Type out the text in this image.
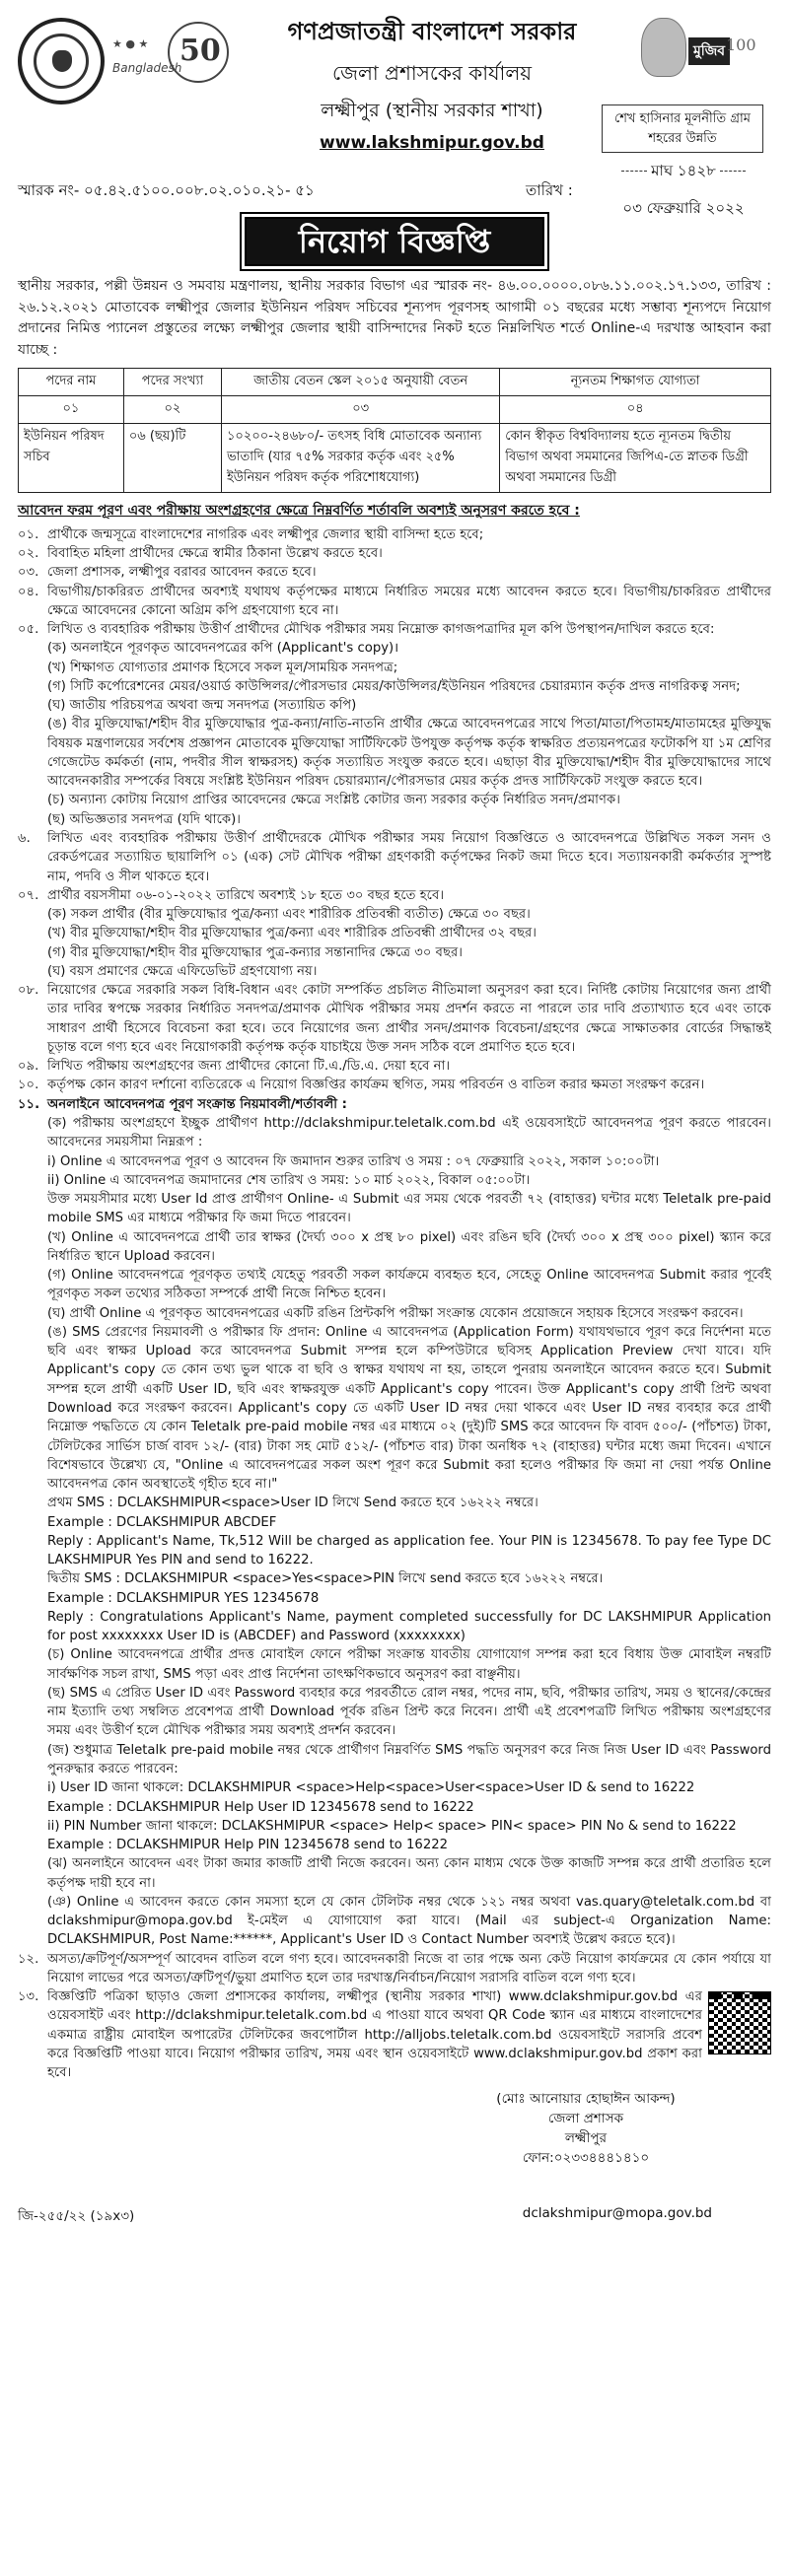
★ ● ★
Bangladesh
50

গণপ্রজাতন্ত্রী বাংলাদেশ সরকার

জেলা প্রশাসকের কার্যালয়

লক্ষ্মীপুর (স্থানীয় সরকার শাখা)

www.lakshmipur.gov.bd

মুজিব 100
শেখ হাসিনার মূলনীতি গ্রাম শহরের উন্নতি
স্মারক নং- ০৫.৪২.৫১০০.০০৮.০২.০১০.২১- ৫১	তারিখ :
মাঘ ১৪২৮
০৩ ফেব্রুয়ারি ২০২২
নিয়োগ বিজ্ঞপ্তি

স্থানীয় সরকার, পল্লী উন্নয়ন ও সমবায় মন্ত্রণালয়, স্থানীয় সরকার বিভাগ এর স্মারক নং- ৪৬.০০.০০০০.০৮৬.১১.০০২.১৭.১৩৩, তারিখ : ২৬.১২.২০২১ মোতাবেক লক্ষ্মীপুর জেলার ইউনিয়ন পরিষদ সচিবের শূন্যপদ পূরণসহ আগামী ০১ বছরের মধ্যে সম্ভাব্য শূন্যপদে নিয়োগ প্রদানের নিমিত্ত প্যানেল প্রস্তুতের লক্ষ্যে লক্ষ্মীপুর জেলার স্থায়ী বাসিন্দাদের নিকট হতে নিম্নলিখিত শর্তে Online-এ দরখাস্ত আহবান করা যাচ্ছে :

পদের নাম	পদের সংখ্যা	জাতীয় বেতন স্কেল ২০১৫ অনুযায়ী বেতন	ন্যূনতম শিক্ষাগত যোগ্যতা
০১	০২	০৩	০৪
ইউনিয়ন পরিষদ সচিব	০৬ (ছয়)টি	১০২০০-২৪৬৮০/- তৎসহ বিধি মোতাবেক অন্যান্য ভাতাদি (যার ৭৫% সরকার কর্তৃক এবং ২৫% ইউনিয়ন পরিষদ কর্তৃক পরিশোধযোগ্য)	কোন স্বীকৃত বিশ্ববিদ্যালয় হতে ন্যূনতম দ্বিতীয় বিভাগ অথবা সমমানের জিপিএ-তে স্নাতক ডিগ্রী অথবা সমমানের ডিগ্রী

আবেদন ফরম পূরণ এবং পরীক্ষায় অংশগ্রহণের ক্ষেত্রে নিম্নবর্ণিত শর্তাবলি অবশ্যই অনুসরণ করতে হবে :

০১. প্রার্থীকে জন্মসূত্রে বাংলাদেশের নাগরিক এবং লক্ষ্মীপুর জেলার স্থায়ী বাসিন্দা হতে হবে;
০২. বিবাহিত মহিলা প্রার্থীদের ক্ষেত্রে স্বামীর ঠিকানা উল্লেখ করতে হবে।
০৩. জেলা প্রশাসক, লক্ষ্মীপুর বরাবর আবেদন করতে হবে।
০৪. বিভাগীয়/চাকরিরত প্রার্থীদের অবশ্যই যথাযথ কর্তৃপক্ষের মাধ্যমে নির্ধারিত সময়ের মধ্যে আবেদন করতে হবে। বিভাগীয়/চাকরিরত প্রার্থীদের ক্ষেত্রে আবেদনের কোনো অগ্রিম কপি গ্রহণযোগ্য হবে না।
০৫. লিখিত ও ব্যবহারিক পরীক্ষায় উত্তীর্ণ প্রার্থীদের মৌখিক পরীক্ষার সময় নিম্নোক্ত কাগজপত্রাদির মূল কপি উপস্থাপন/দাখিল করতে হবে:

(ক) অনলাইনে পূরণকৃত আবেদনপত্রের কপি (Applicant's copy)।

(খ) শিক্ষাগত যোগ্যতার প্রমাণক হিসেবে সকল মূল/সাময়িক সনদপত্র;

(গ) সিটি কর্পোরেশনের মেয়র/ওয়ার্ড কাউন্সিলর/পৌরসভার মেয়র/কাউন্সিলর/ইউনিয়ন পরিষদের চেয়ারম্যান কর্তৃক প্রদত্ত নাগরিকত্ব সনদ;

(ঘ) জাতীয় পরিচয়পত্র অথবা জন্ম সনদপত্র (সত্যায়িত কপি)

(ঙ) বীর মুক্তিযোদ্ধা/শহীদ বীর মুক্তিযোদ্ধার পুত্র-কন্যা/নাতি-নাতনি প্রার্থীর ক্ষেত্রে আবেদনপত্রের সাথে পিতা/মাতা/পিতামহ/মাতামহের মুক্তিযুদ্ধ বিষয়ক মন্ত্রণালয়ের সর্বশেষ প্রজ্ঞাপন মোতাবেক মুক্তিযোদ্ধা সার্টিফিকেট উপযুক্ত কর্তৃপক্ষ কর্তৃক স্বাক্ষরিত প্রত্যয়নপত্রের ফটোকপি যা ১ম শ্রেণির গেজেটেড কর্মকর্তা (নাম, পদবীর সীল স্বাক্ষরসহ) কর্তৃক সত্যায়িত সংযুক্ত করতে হবে। এছাড়া বীর মুক্তিযোদ্ধা/শহীদ বীর মুক্তিযোদ্ধাদের সাথে আবেদনকারীর সম্পর্কের বিষয়ে সংশ্লিষ্ট ইউনিয়ন পরিষদ চেয়ারম্যান/পৌরসভার মেয়র কর্তৃক প্রদত্ত সার্টিফিকেট সংযুক্ত করতে হবে।

(চ) অন্যান্য কোটায় নিয়োগ প্রাপ্তির আবেদনের ক্ষেত্রে সংশ্লিষ্ট কোটার জন্য সরকার কর্তৃক নির্ধারিত সনদ/প্রমাণক।

(ছ) অভিজ্ঞতার সনদপত্র (যদি থাকে)।

৬.	লিখিত এবং ব্যবহারিক পরীক্ষায় উত্তীর্ণ প্রার্থীদেরকে মৌখিক পরীক্ষার সময় নিয়োগ বিজ্ঞপ্তিতে ও আবেদনপত্রে উল্লিখিত সকল সনদ ও রেকর্ডপত্রের সত্যায়িত ছায়ালিপি ০১ (এক) সেট মৌখিক পরীক্ষা গ্রহণকারী কর্তৃপক্ষের নিকট জমা দিতে হবে। সত্যায়নকারী কর্মকর্তার সুস্পষ্ট নাম, পদবি ও সীল থাকতে হবে।
০৭. প্রার্থীর বয়সসীমা ০৬-০১-২০২২ তারিখে অবশ্যই ১৮ হতে ৩০ বছর হতে হবে।

(ক) সকল প্রার্থীর (বীর মুক্তিযোদ্ধার পুত্র/কন্যা এবং শারীরিক প্রতিবন্ধী ব্যতীত) ক্ষেত্রে ৩০ বছর।

(খ) বীর মুক্তিযোদ্ধা/শহীদ বীর মুক্তিযোদ্ধার পুত্র/কন্যা এবং শারীরিক প্রতিবন্ধী প্রার্থীদের ৩২ বছর।

(গ) বীর মুক্তিযোদ্ধা/শহীদ বীর মুক্তিযোদ্ধার পুত্র-কন্যার সন্তানাদির ক্ষেত্রে ৩০ বছর।

(ঘ) বয়স প্রমাণের ক্ষেত্রে এফিডেভিট গ্রহণযোগ্য নয়।

০৮. নিয়োগের ক্ষেত্রে সরকারি সকল বিধি-বিধান এবং কোটা সম্পর্কিত প্রচলিত নীতিমালা অনুসরণ করা হবে। নির্দিষ্ট কোটায় নিয়োগের জন্য প্রার্থী তার দাবির স্বপক্ষে সরকার নির্ধারিত সনদপত্র/প্রমাণক মৌখিক পরীক্ষার সময় প্রদর্শন করতে না পারলে তার দাবি প্রত্যাখ্যাত হবে এবং তাকে সাধারণ প্রার্থী হিসেবে বিবেচনা করা হবে। তবে নিয়োগের জন্য প্রার্থীর সনদ/প্রমাণক বিবেচনা/গ্রহণের ক্ষেত্রে সাক্ষাতকার বোর্ডের সিদ্ধান্তই চূড়ান্ত বলে গণ্য হবে এবং নিয়োগকারী কর্তৃপক্ষ কর্তৃক যাচাইয়ে উক্ত সনদ সঠিক বলে প্রমাণিত হতে হবে।
০৯. লিখিত পরীক্ষায় অংশগ্রহণের জন্য প্রার্থীদের কোনো টি.এ./ডি.এ. দেয়া হবে না।
১০. কর্তৃপক্ষ কোন কারণ দর্শানো ব্যতিরেকে এ নিয়োগ বিজ্ঞপ্তির কার্যক্রম স্থগিত, সময় পরিবর্তন ও বাতিল করার ক্ষমতা সংরক্ষণ করেন।
১১. অনলাইনে আবেদনপত্র পূরণ সংক্রান্ত নিয়মাবলী/শর্তাবলী :

(ক) পরীক্ষায় অংশগ্রহণে ইচ্ছুক প্রার্থীগণ http://dclakshmipur.teletalk.com.bd এই ওয়েবসাইটে আবেদনপত্র পূরণ করতে পারবেন। আবেদনের সময়সীমা নিম্নরূপ :

i) Online এ আবেদনপত্র পূরণ ও আবেদন ফি জমাদান শুরুর তারিখ ও সময় : ০৭ ফেব্রুয়ারি ২০২২, সকাল ১০:০০টা।

ii) Online এ আবেদনপত্র জমাদানের শেষ তারিখ ও সময়: ১০ মার্চ ২০২২, বিকাল ০৫:০০টা।

উক্ত সময়সীমার মধ্যে User Id প্রাপ্ত প্রার্থীগণ Online- এ Submit এর সময় থেকে পরবর্তী ৭২ (বাহাত্তর) ঘন্টার মধ্যে Teletalk pre-paid mobile SMS এর মাধ্যমে পরীক্ষার ফি জমা দিতে পারবেন।

(খ) Online এ আবেদনপত্রে প্রার্থী তার স্বাক্ষর (দৈর্ঘ্য ৩০০ x প্রস্থ ৮০ pixel) এবং রঙিন ছবি (দৈর্ঘ্য ৩০০ x প্রস্থ ৩০০ pixel) স্ক্যান করে নির্ধারিত স্থানে Upload করবেন।

(গ) Online আবেদনপত্রে পূরণকৃত তথ্যই যেহেতু পরবর্তী সকল কার্যক্রমে ব্যবহৃত হবে, সেহেতু Online আবেদনপত্র Submit করার পূর্বেই পূরণকৃত সকল তথ্যের সঠিকতা সম্পর্কে প্রার্থী নিজে নিশ্চিত হবেন।

(ঘ) প্রার্থী Online এ পূরণকৃত আবেদনপত্রের একটি রঙিন প্রিন্টকপি পরীক্ষা সংক্রান্ত যেকোন প্রয়োজনে সহায়ক হিসেবে সংরক্ষণ করবেন।

(ঙ) SMS প্রেরণের নিয়মাবলী ও পরীক্ষার ফি প্রদান: Online এ আবেদনপত্র (Application Form) যথাযথভাবে পূরণ করে নির্দেশনা মতে ছবি এবং স্বাক্ষর Upload করে আবেদনপত্র Submit সম্পন্ন হলে কম্পিউটারে ছবিসহ Application Preview দেখা যাবে। যদি Applicant's copy তে কোন তথ্য ভুল থাকে বা ছবি ও স্বাক্ষর যথাযথ না হয়, তাহলে পুনরায় অনলাইনে আবেদন করতে হবে। Submit সম্পন্ন হলে প্রার্থী একটি User ID, ছবি এবং স্বাক্ষরযুক্ত একটি Applicant's copy পাবেন। উক্ত Applicant's copy প্রার্থী প্রিন্ট অথবা Download করে সংরক্ষণ করবেন। Applicant's copy তে একটি User ID নম্বর দেয়া থাকবে এবং User ID নম্বর ব্যবহার করে প্রার্থী নিম্নোক্ত পদ্ধতিতে যে কোন Teletalk pre-paid mobile নম্বর এর মাধ্যমে ০২ (দুই)টি SMS করে আবেদন ফি বাবদ ৫০০/- (পাঁচশত) টাকা, টেলিটকের সার্ভিস চার্জ বাবদ ১২/- (বার) টাকা সহ মোট ৫১২/- (পাঁচশত বার) টাকা অনধিক ৭২ (বাহাত্তর) ঘন্টার মধ্যে জমা দিবেন। এখানে বিশেষভাবে উল্লেখ্য যে, "Online এ আবেদনপত্রের সকল অংশ পূরণ করে Submit করা হলেও পরীক্ষার ফি জমা না দেয়া পর্যন্ত Online আবেদনপত্র কোন অবস্থাতেই গৃহীত হবে না।"

প্রথম SMS : DCLAKSHMIPUR<space>User ID লিখে Send করতে হবে ১৬২২২ নম্বরে।

Example : DCLAKSHMIPUR ABCDEF

Reply : Applicant's Name, Tk,512 Will be charged as application fee. Your PIN is 12345678. To pay fee Type DC LAKSHMIPUR Yes PIN and send to 16222.

দ্বিতীয় SMS : DCLAKSHMIPUR <space>Yes<space>PIN লিখে send করতে হবে ১৬২২২ নম্বরে।

Example : DCLAKSHMIPUR YES 12345678

Reply : Congratulations Applicant's Name, payment completed successfully for DC LAKSHMIPUR Application for post xxxxxxxx User ID is (ABCDEF) and Password (xxxxxxxx)

(চ) Online আবেদনপত্রে প্রার্থীর প্রদত্ত মোবাইল ফোনে পরীক্ষা সংক্রান্ত যাবতীয় যোগাযোগ সম্পন্ন করা হবে বিধায় উক্ত মোবাইল নম্বরটি সার্বক্ষণিক সচল রাখা, SMS পড়া এবং প্রাপ্ত নির্দেশনা তাৎক্ষণিকভাবে অনুসরণ করা বাঞ্ছনীয়।

(ছ) SMS এ প্রেরিত User ID এবং Password ব্যবহার করে পরবর্তীতে রোল নম্বর, পদের নাম, ছবি, পরীক্ষার তারিখ, সময় ও স্থানের/কেন্দ্রের নাম ইত্যাদি তথ্য সম্বলিত প্রবেশপত্র প্রার্থী Download পূর্বক রঙিন প্রিন্ট করে নিবেন। প্রার্থী এই প্রবেশপত্রটি লিখিত পরীক্ষায় অংশগ্রহণের সময় এবং উত্তীর্ণ হলে মৌখিক পরীক্ষার সময় অবশ্যই প্রদর্শন করবেন।

(জ) শুধুমাত্র Teletalk pre-paid mobile নম্বর থেকে প্রার্থীগণ নিম্নবর্ণিত SMS পদ্ধতি অনুসরণ করে নিজ নিজ User ID এবং Password পুনরুদ্ধার করতে পারবেন:

i) User ID জানা থাকলে: DCLAKSHMIPUR <space>Help<space>User<space>User ID & send to 16222

Example : DCLAKSHMIPUR Help User ID 12345678 send to 16222

ii) PIN Number জানা থাকলে: DCLAKSHMIPUR <space> Help< space> PIN< space> PIN No & send to 16222

Example : DCLAKSHMIPUR Help PIN 12345678 send to 16222

(ঝ) অনলাইনে আবেদন এবং টাকা জমার কাজটি প্রার্থী নিজে করবেন। অন্য কোন মাধ্যম থেকে উক্ত কাজটি সম্পন্ন করে প্রার্থী প্রতারিত হলে কর্তৃপক্ষ দায়ী হবে না।

(ঞ) Online এ আবেদন করতে কোন সমস্যা হলে যে কোন টেলিটক নম্বর থেকে ১২১ নম্বর অথবা vas.quary@teletalk.com.bd বা dclakshmipur@mopa.gov.bd ই-মেইল এ যোগাযোগ করা যাবে। (Mail এর subject-এ Organization Name: DCLAKSHMIPUR, Post Name:******, Applicant's User ID ও Contact Number অবশ্যই উল্লেখ করতে হবে)।

১২. অসত্য/ক্রটিপূর্ণ/অসম্পূর্ণ আবেদন বাতিল বলে গণ্য হবে। আবেদনকারী নিজে বা তার পক্ষে অন্য কেউ নিয়োগ কার্যক্রমের যে কোন পর্যায়ে যা নিয়োগ লাভের পরে অসত্য/ত্রুটিপূর্ণ/ভুয়া প্রমাণিত হলে তার দরখাস্ত/নির্বাচন/নিয়োগ সরাসরি বাতিল বলে গণ্য হবে।
১৩. বিজ্ঞপ্তিটি পত্রিকা ছাড়াও জেলা প্রশাসকের কার্যালয়, লক্ষ্মীপুর (স্থানীয় সরকার শাখা) www.dclakshmipur.gov.bd এর ওয়েবসাইট এবং http://dclakshmipur.teletalk.com.bd এ পাওয়া যাবে অথবা QR Code স্ক্যান এর মাধ্যমে বাংলাদেশের একমাত্র রাষ্ট্রীয় মোবাইল অপারেটর টেলিটকের জবপোর্টাল http://alljobs.teletalk.com.bd ওয়েবসাইটে সরাসরি প্রবেশ করে বিজ্ঞপ্তিটি পাওয়া যাবে। নিয়োগ পরীক্ষার তারিখ, সময় এবং স্থান ওয়েবসাইটে www.dclakshmipur.gov.bd প্রকাশ করা হবে।

(মোঃ আনোয়ার হোছাঈন আকন্দ)

জেলা প্রশাসক

লক্ষ্মীপুর

ফোন:০২৩৩৪৪৪১৪১০

জি-২৫৫/২২ (১৯x৩)	dclakshmipur@mopa.gov.bd
